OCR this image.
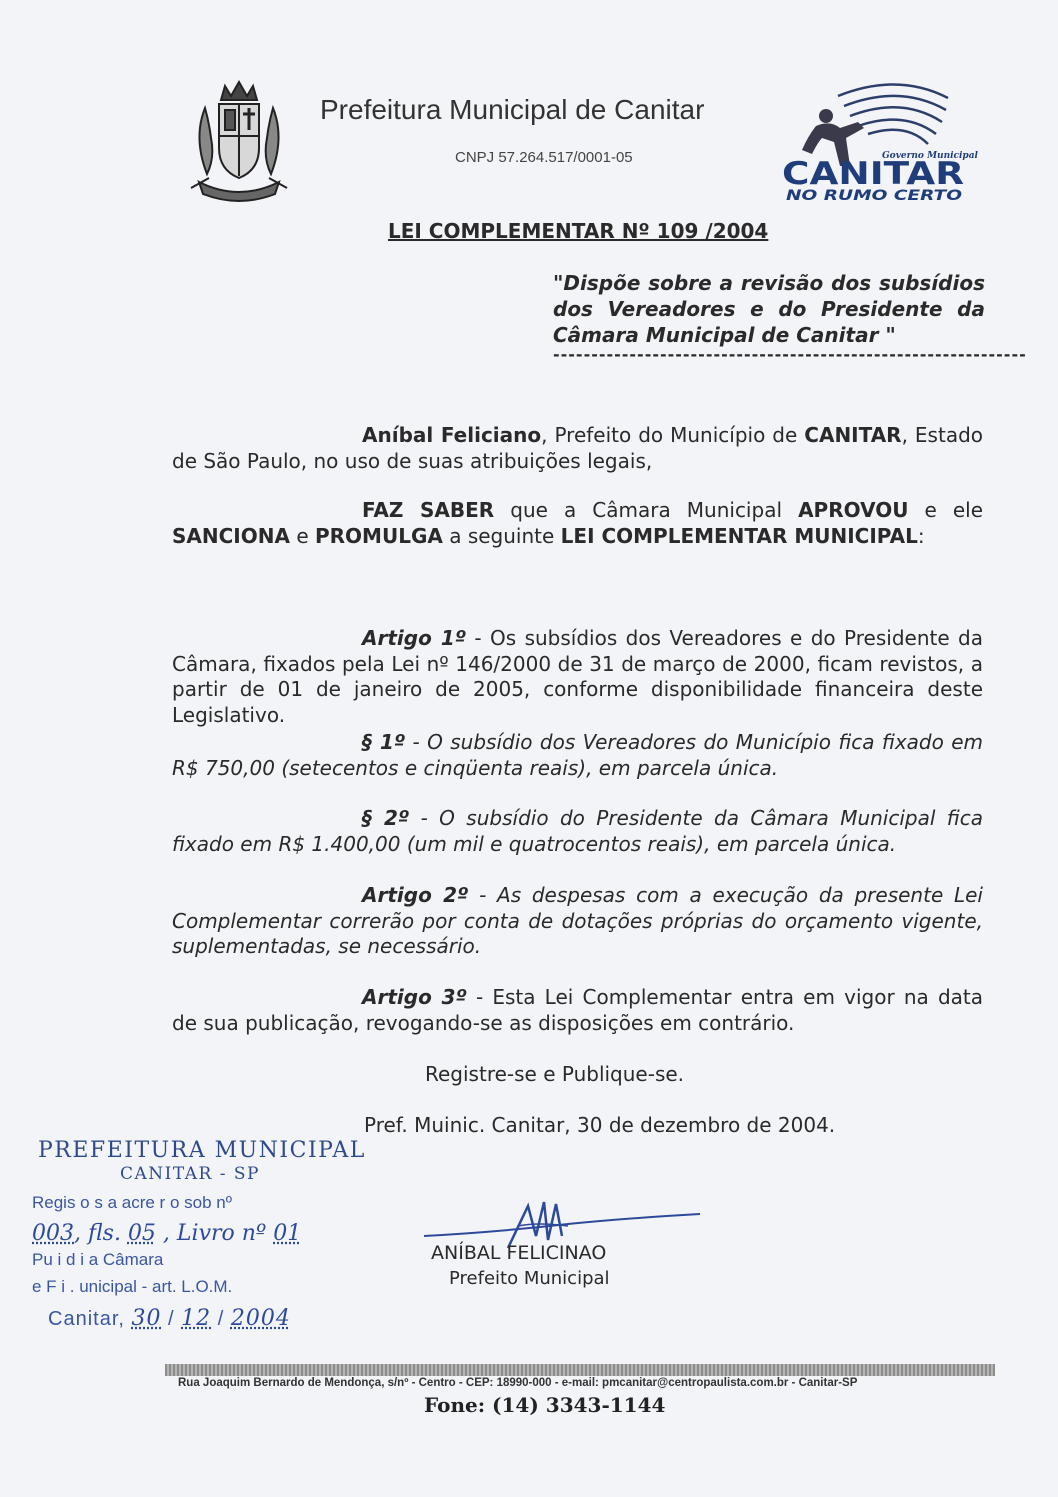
Prefeitura Municipal de Canitar
CNPJ 57.264.517/0001-05	Governo Municipal
CANITAR
NO RUMO CERTO
LEI COMPLEMENTAR Nº 109 /2004
"Dispõe sobre a revisão dos subsídios dos Vereadores e do Presidente da Câmara Municipal de Canitar "
--------------------------------------------------------------
Aníbal Feliciano, Prefeito do Município de CANITAR, Estado de São Paulo, no uso de suas atribuições legais,
FAZ SABER que a Câmara Municipal APROVOU e ele SANCIONA e PROMULGA a seguinte LEI COMPLEMENTAR MUNICIPAL:
Artigo 1º - Os subsídios dos Vereadores e do Presidente da Câmara, fixados pela Lei nº 146/2000 de 31 de março de 2000, ficam revistos, a partir de 01 de janeiro de 2005, conforme disponibilidade financeira deste Legislativo.
§ 1º - O subsídio dos Vereadores do Município fica fixado em R$ 750,00 (setecentos e cinqüenta reais), em parcela única.
§ 2º - O subsídio do Presidente da Câmara Municipal fica fixado em R$ 1.400,00 (um mil e quatrocentos reais), em parcela única.
Artigo 2º - As despesas com a execução da presente Lei Complementar correrão por conta de dotações próprias do orçamento vigente, suplementadas, se necessário.
Artigo 3º - Esta Lei Complementar entra em vigor na data de sua publicação, revogando-se as disposições em contrário.
Registre-se e Publique-se.
Pref. Muinic. Canitar, 30 de dezembro de 2004.
PREFEITURA MUNICIPAL
CANITAR - SP
Regis o s a acre r o sob nº
003, fls. 05 , Livro nº 01
Pu i d i a Câmara
e F i . unicipal - art. L.O.M.
Canitar, 30 / 12 / 2004
ANÍBAL FELICINAO
Prefeito Municipal
Rua Joaquim Bernardo de Mendonça, s/nº - Centro - CEP: 18990-000 - e-mail: pmcanitar@centropaulista.com.br - Canitar-SP
Fone: (14) 3343-1144
